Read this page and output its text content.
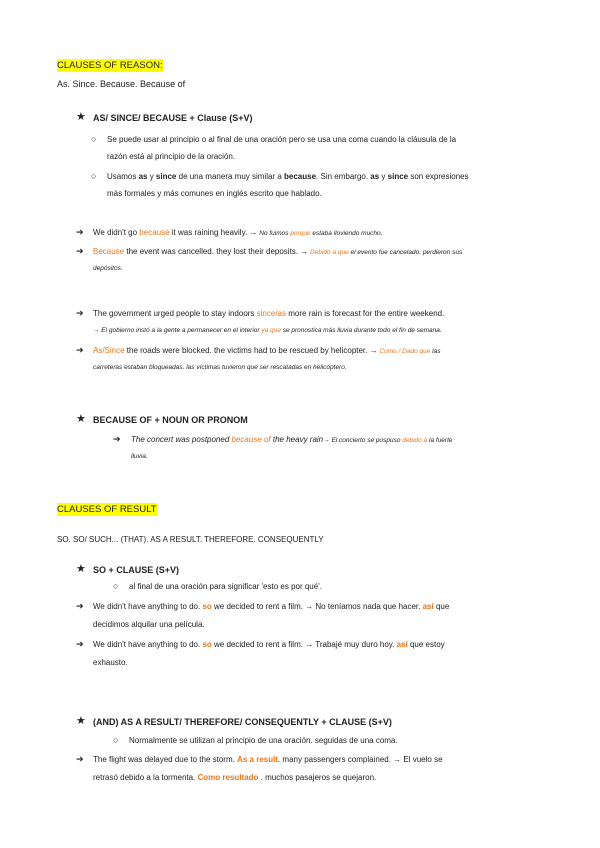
CLAUSES OF REASON:
As. Since. Because. Because of
★ AS/ SINCE/ BECAUSE + Clause (S+V)
○ Se puede usar al principio o al final de una oración pero se usa una coma cuando la cláusula de la
razón está al principio de la oración.
○ Usamos as y since de una manera muy similar a because. Sin embargo. as y since son expresiones
más formales y más comunes en inglés escrito que hablado.
➔ We didn't go because it was raining heavily. → No fuimos porque estaba lloviendo mucho.
➔ Because the event was cancelled. they lost their deposits. → Debido a que el evento fue cancelado. perdieron sus
depósitos.
➔ The government urged people to stay indoors since/as more rain is forecast for the entire weekend.
→ El gobierno instó a la gente a permanecer en el interior ya que se pronostica más lluvia durante todo el fin de semana.
➔ As/Since the roads were blocked. the victims had to be rescued by helicopter. → Como / Dado que las
carreteras estaban bloqueadas. las víctimas tuvieron que ser rescatadas en helicóptero.
★ BECAUSE OF + NOUN OR PRONOM
➔ The concert was postponed because of the heavy rain→ El concierto se pospuso debido a la fuerte
lluvia.
CLAUSES OF RESULT
SO. SO/ SUCH... (THAT). AS A RESULT. THEREFORE. CONSEQUENTLY
★ SO + CLAUSE (S+V)
○ al final de una oración para significar 'esto es por qué'.
➔ We didn't have anything to do. so we decided to rent a film. → No teníamos nada que hacer. así que
decidimos alquilar una película.
➔ We didn't have anything to do. so we decided to rent a film. → Trabajé muy duro hoy. así que estoy
exhausto.
★ (AND) AS A RESULT/ THEREFORE/ CONSEQUENTLY + CLAUSE (S+V)
○ Normalmente se utilizan al principio de una oración. seguidas de una coma.
➔ The flight was delayed due to the storm. As a result. many passengers complained. → El vuelo se
retrasó debido a la tormenta. Como resultado . muchos pasajeros se quejaron.
